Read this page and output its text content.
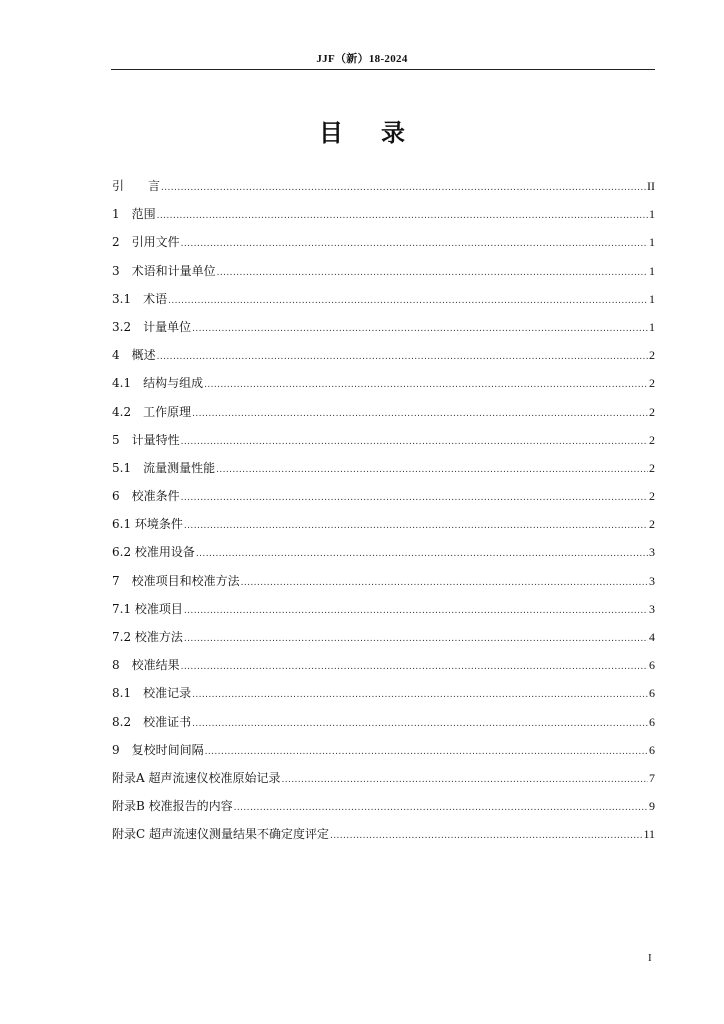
JJF（新）18-2024
目录
引　　言 .....	II
1　范围 .....	1
2　引用文件 .....	1
3　术语和计量单位 .....	1
3.1　术语 .....	1
3.2　计量单位 .....	1
4　概述 .....	2
4.1　结构与组成 .....	2
4.2　工作原理 .....	2
5　计量特性 .....	2
5.1　流量测量性能 .....	2
6　校准条件 .....	2
6.1 环境条件 .....	2
6.2 校准用设备 .....	3
7　校准项目和校准方法 .....	3
7.1 校准项目 .....	3
7.2 校准方法 .....	4
8　校准结果 .....	6
8.1　校准记录 .....	6
8.2　校准证书 .....	6
9　复校时间间隔 .....	6
附录A 超声流速仪校准原始记录 .....	7
附录B 校准报告的内容 .....	9
附录C 超声流速仪测量结果不确定度评定 .....	11
I
